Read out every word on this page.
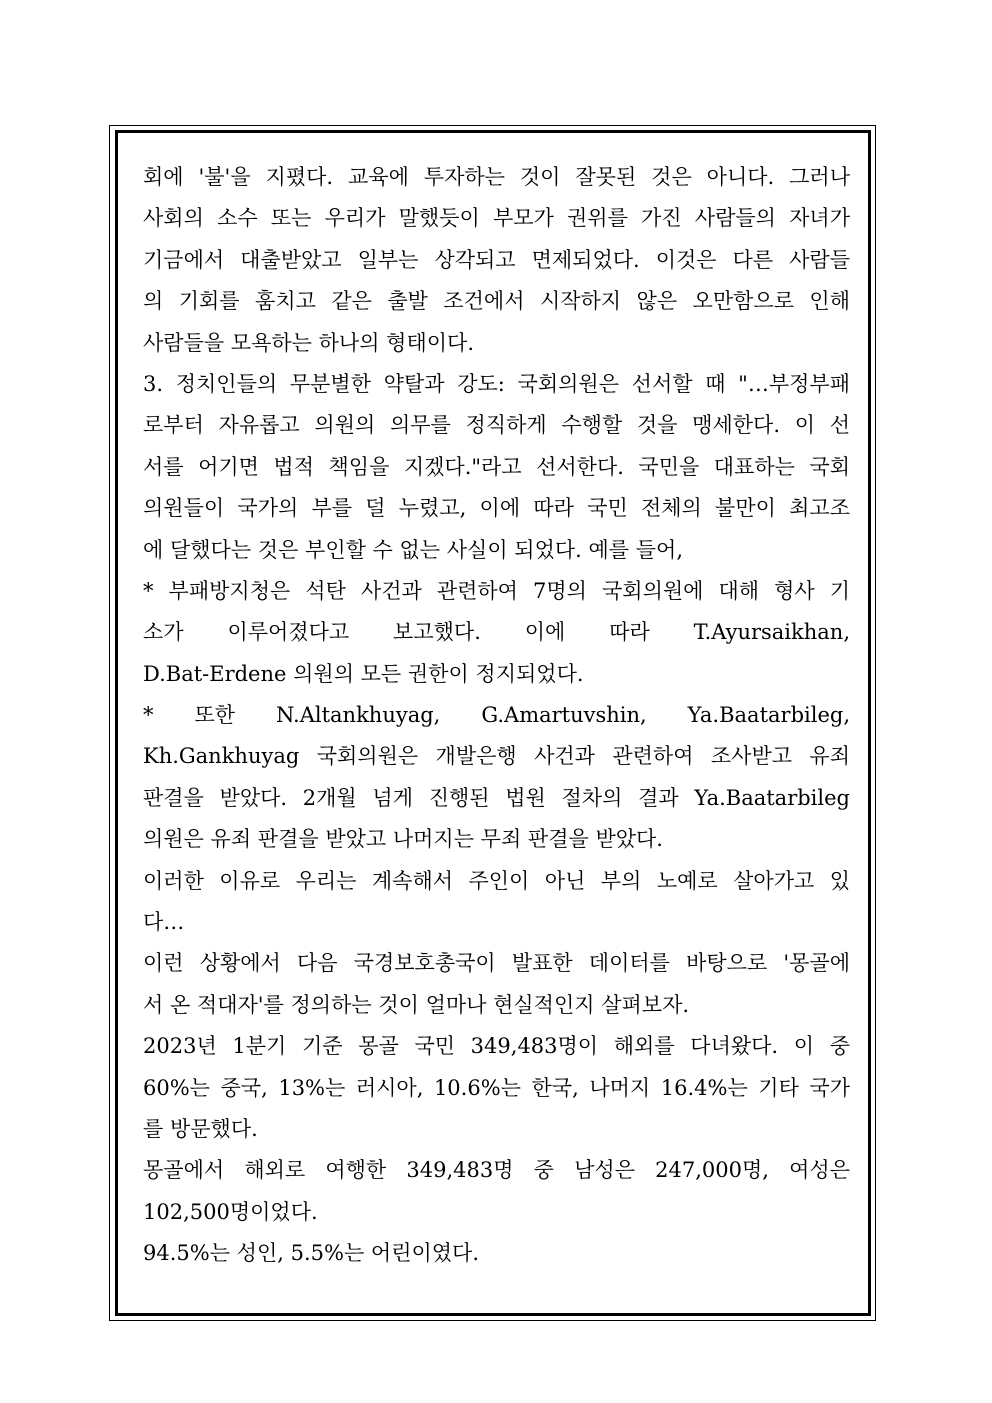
회에 '불'을 지폈다. 교육에 투자하는 것이 잘못된 것은 아니다. 그러나
사회의 소수 또는 우리가 말했듯이 부모가 권위를 가진 사람들의 자녀가
기금에서 대출받았고 일부는 상각되고 면제되었다. 이것은 다른 사람들
의 기회를 훔치고 같은 출발 조건에서 시작하지 않은 오만함으로 인해
사람들을 모욕하는 하나의 형태이다.
3. 정치인들의 무분별한 약탈과 강도: 국회의원은 선서할 때 "…부정부패
로부터 자유롭고 의원의 의무를 정직하게 수행할 것을 맹세한다. 이 선
서를 어기면 법적 책임을 지겠다."라고 선서한다. 국민을 대표하는 국회
의원들이 국가의 부를 덜 누렸고, 이에 따라 국민 전체의 불만이 최고조
에 달했다는 것은 부인할 수 없는 사실이 되었다. 예를 들어,
* 부패방지청은 석탄 사건과 관련하여 7명의 국회의원에 대해 형사 기
소가 이루어졌다고 보고했다. 이에 따라 T.Ayursaikhan,
D.Bat-Erdene 의원의 모든 권한이 정지되었다.
* 또한 N.Altankhuyag, G.Amartuvshin, Ya.Baatarbileg,
Kh.Gankhuyag 국회의원은 개발은행 사건과 관련하여 조사받고 유죄
판결을 받았다. 2개월 넘게 진행된 법원 절차의 결과 Ya.Baatarbileg
의원은 유죄 판결을 받았고 나머지는 무죄 판결을 받았다.
이러한 이유로 우리는 계속해서 주인이 아닌 부의 노예로 살아가고 있
다…
이런 상황에서 다음 국경보호총국이 발표한 데이터를 바탕으로 '몽골에
서 온 적대자'를 정의하는 것이 얼마나 현실적인지 살펴보자.
2023년 1분기 기준 몽골 국민 349,483명이 해외를 다녀왔다. 이 중
60%는 중국, 13%는 러시아, 10.6%는 한국, 나머지 16.4%는 기타 국가
를 방문했다.
몽골에서 해외로 여행한 349,483명 중 남성은 247,000명, 여성은
102,500명이었다.
94.5%는 성인, 5.5%는 어린이였다.
